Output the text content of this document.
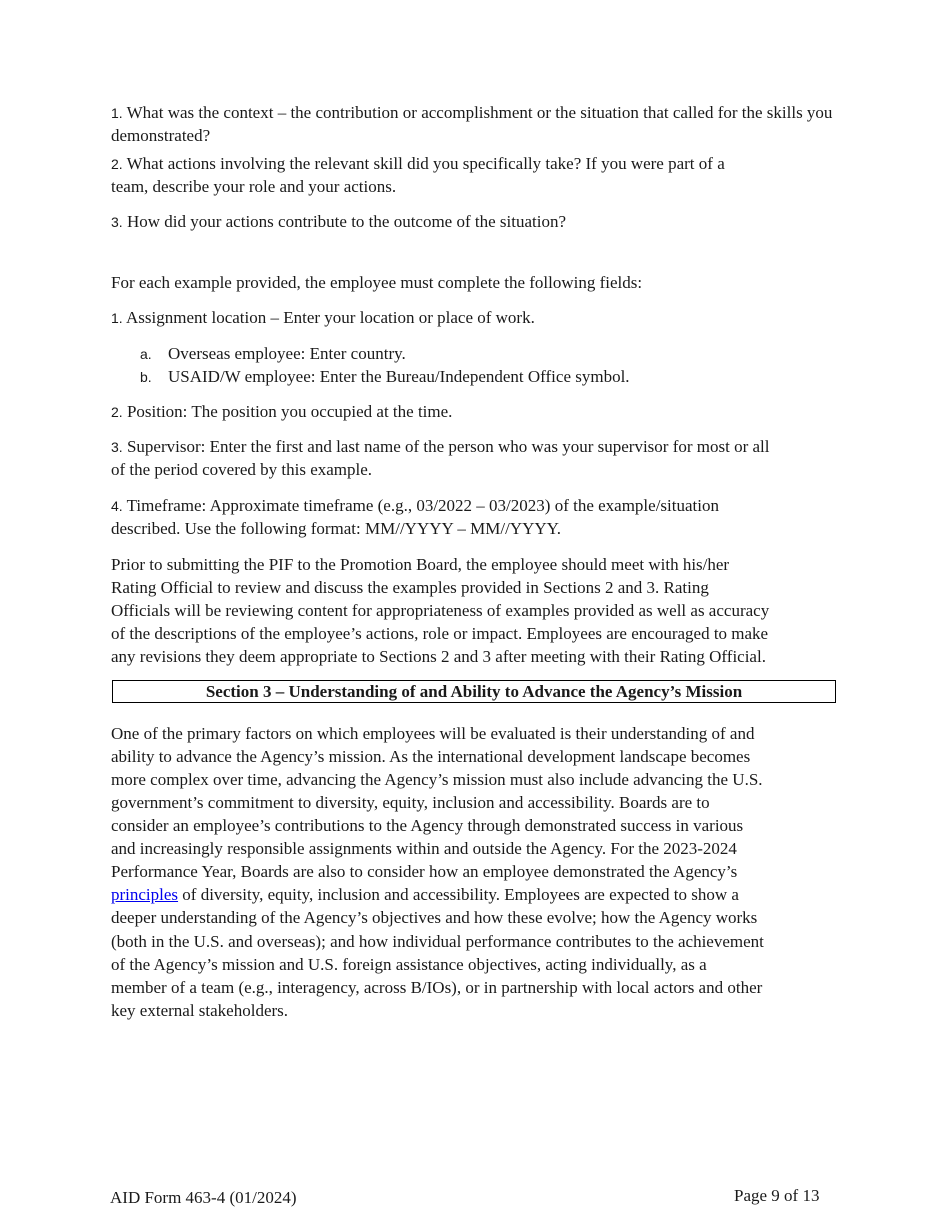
1. What was the context – the contribution or accomplishment or the situation that called for the skills you

demonstrated?

2. What actions involving the relevant skill did you specifically take? If you were part of a

team, describe your role and your actions.

3. How did your actions contribute to the outcome of the situation?

For each example provided, the employee must complete the following fields:

1. Assignment location – Enter your location or place of work.

a. Overseas employee: Enter country.

b. USAID/W employee: Enter the Bureau/Independent Office symbol.

2. Position: The position you occupied at the time.

3. Supervisor: Enter the first and last name of the person who was your supervisor for most or all

of the period covered by this example.

4. Timeframe: Approximate timeframe (e.g., 03/2022 – 03/2023) of the example/situation

described. Use the following format: MM//YYYY – MM//YYYY.

Prior to submitting the PIF to the Promotion Board, the employee should meet with his/her

Rating Official to review and discuss the examples provided in Sections 2 and 3. Rating

Officials will be reviewing content for appropriateness of examples provided as well as accuracy

of the descriptions of the employee’s actions, role or impact. Employees are encouraged to make

any revisions they deem appropriate to Sections 2 and 3 after meeting with their Rating Official.

Section 3 – Understanding of and Ability to Advance the Agency’s Mission

One of the primary factors on which employees will be evaluated is their understanding of and

ability to advance the Agency’s mission. As the international development landscape becomes

more complex over time, advancing the Agency’s mission must also include advancing the U.S.

government’s commitment to diversity, equity, inclusion and accessibility. Boards are to

consider an employee’s contributions to the Agency through demonstrated success in various

and increasingly responsible assignments within and outside the Agency. For the 2023-2024

Performance Year, Boards are also to consider how an employee demonstrated the Agency’s

principles of diversity, equity, inclusion and accessibility. Employees are expected to show a

deeper understanding of the Agency’s objectives and how these evolve; how the Agency works

(both in the U.S. and overseas); and how individual performance contributes to the achievement

of the Agency’s mission and U.S. foreign assistance objectives, acting individually, as a

member of a team (e.g., interagency, across B/IOs), or in partnership with local actors and other

key external stakeholders.

AID Form 463-4 (01/2024)	Page 9 of 13
